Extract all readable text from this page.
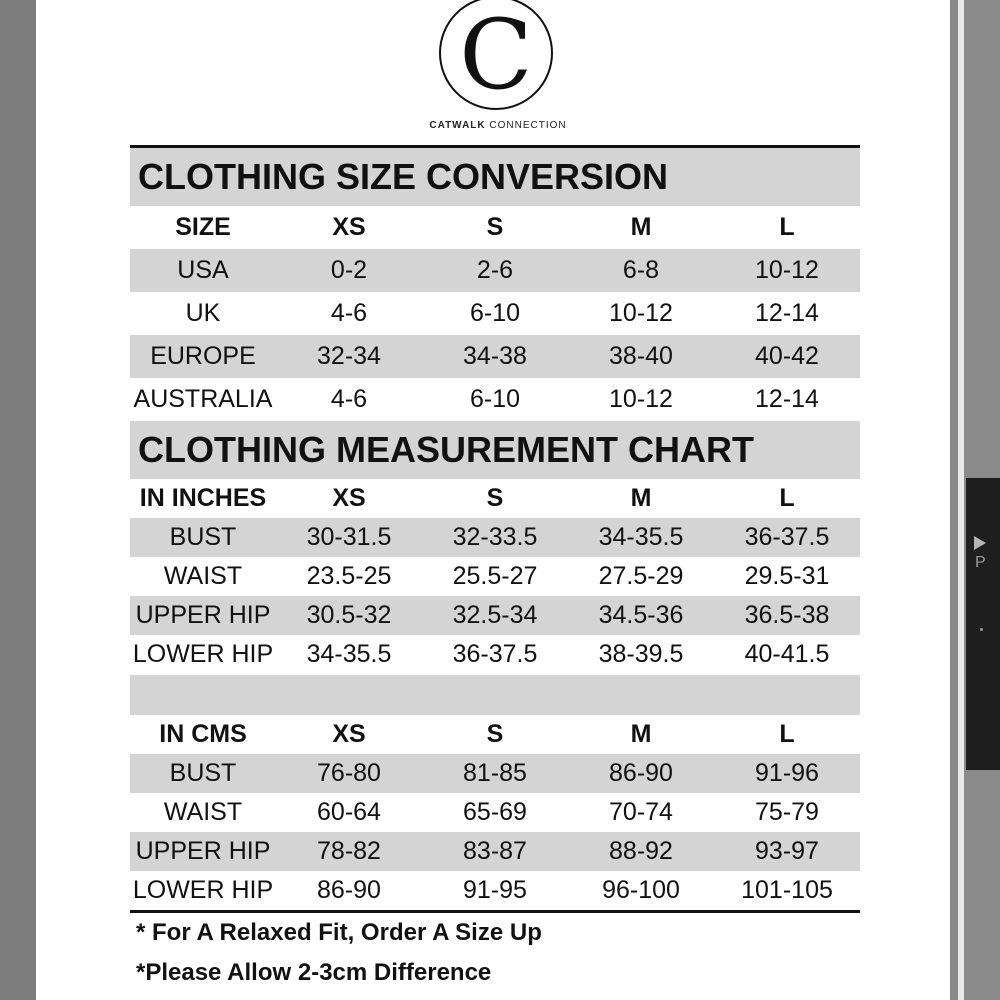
P
C
CATWALK CONNECTION
CLOTHING SIZE CONVERSION
SIZE	XS	S	M	L
USA	0-2	2-6	6-8	10-12
UK	4-6	6-10	10-12	12-14
EUROPE	32-34	34-38	38-40	40-42
AUSTRALIA	4-6	6-10	10-12	12-14
CLOTHING MEASUREMENT CHART
IN INCHES	XS	S	M	L
BUST	30-31.5	32-33.5	34-35.5	36-37.5
WAIST	23.5-25	25.5-27	27.5-29	29.5-31
UPPER HIP	30.5-32	32.5-34	34.5-36	36.5-38
LOWER HIP	34-35.5	36-37.5	38-39.5	40-41.5
IN CMS	XS	S	M	L
BUST	76-80	81-85	86-90	91-96
WAIST	60-64	65-69	70-74	75-79
UPPER HIP	78-82	83-87	88-92	93-97
LOWER HIP	86-90	91-95	96-100	101-105
* For A Relaxed Fit, Order A Size Up
*Please Allow 2-3cm Difference
